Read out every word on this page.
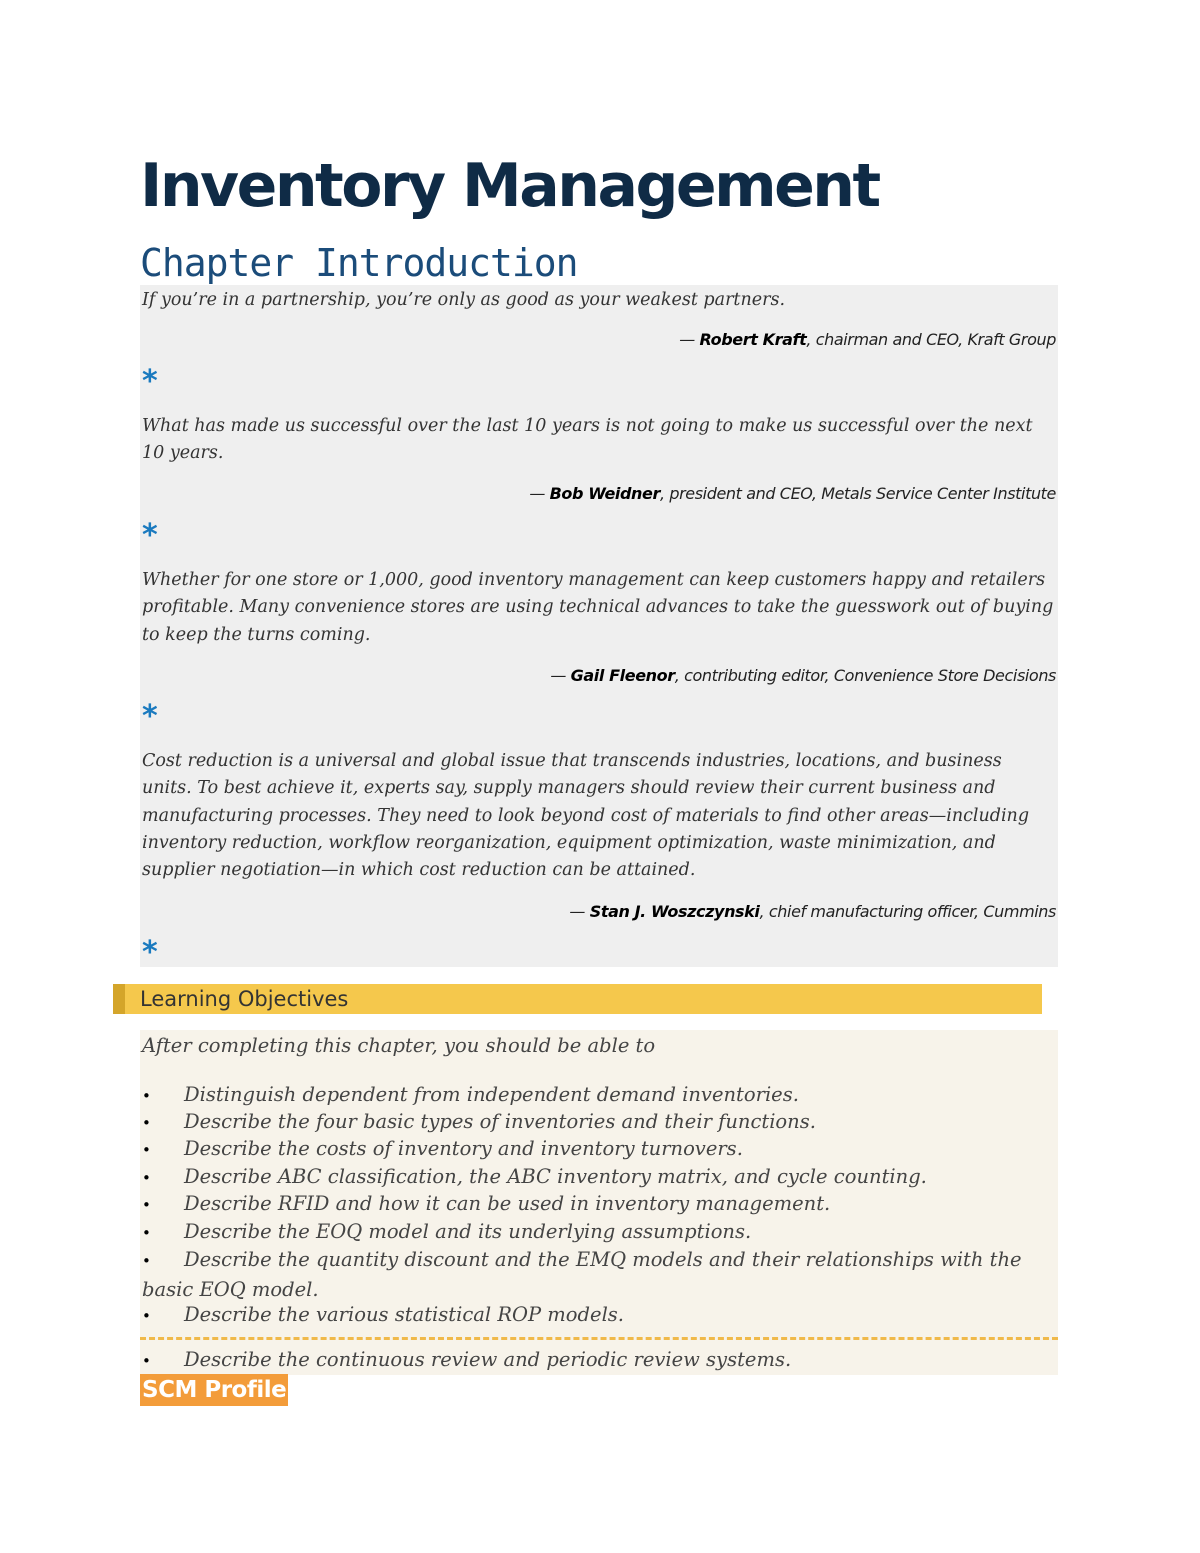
Inventory Management
Chapter Introduction

If you’re in a partnership, you’re only as good as your weakest partners.

— Robert Kraft, chairman and CEO, Kraft Group
*

What has made us successful over the last 10 years is not going to make us successful over the next 10 years.

— Bob Weidner, president and CEO, Metals Service Center Institute
*

Whether for one store or 1,000, good inventory management can keep customers happy and retailers profitable. Many convenience stores are using technical advances to take the guesswork out of buying to keep the turns coming.

— Gail Fleenor, contributing editor, Convenience Store Decisions
*

Cost reduction is a universal and global issue that transcends industries, locations, and business units. To best achieve it, experts say, supply managers should review their current business and manufacturing processes. They need to look beyond cost of materials to find other areas—including inventory reduction, workflow reorganization, equipment optimization, waste minimization, and supplier negotiation—in which cost reduction can be attained.

— Stan J. Woszczynski, chief manufacturing officer, Cummins
*
Learning Objectives

After completing this chapter, you should be able to

• Distinguish dependent from independent demand inventories.
• Describe the four basic types of inventories and their functions.
• Describe the costs of inventory and inventory turnovers.
• Describe ABC classification, the ABC inventory matrix, and cycle counting.
• Describe RFID and how it can be used in inventory management.
• Describe the EOQ model and its underlying assumptions.
• Describe the quantity discount and the EMQ models and their relationships with the basic EOQ model.
• Describe the various statistical ROP models.
• Describe the continuous review and periodic review systems.
SCM Profile
